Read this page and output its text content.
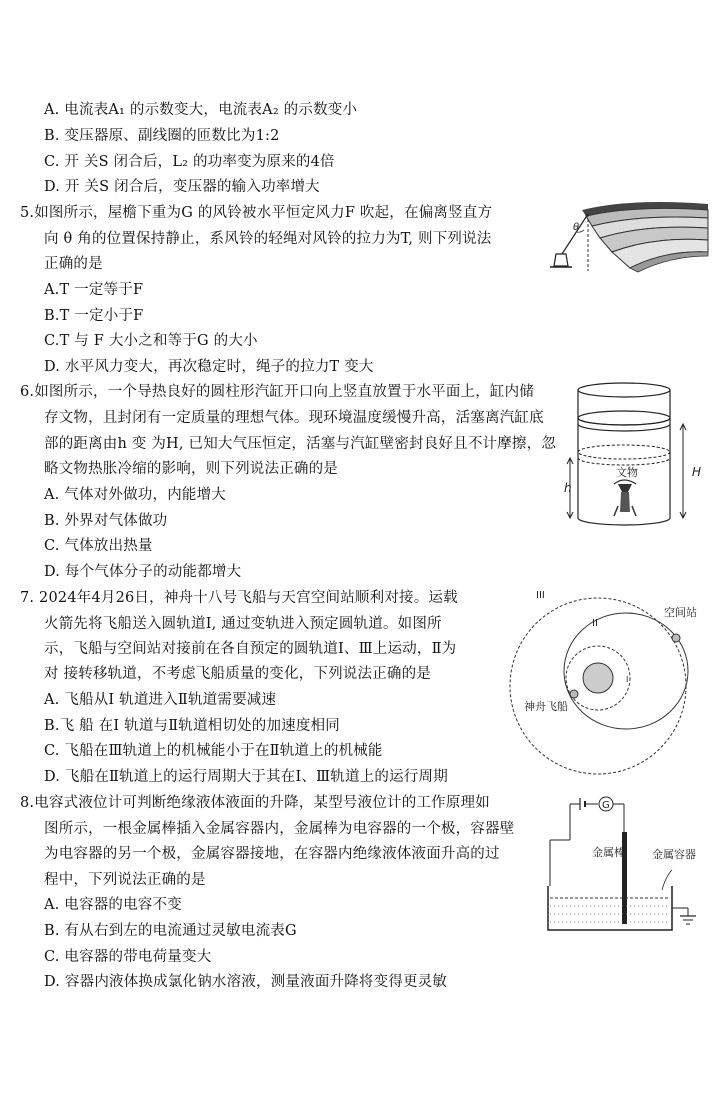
A. 电流表A₁ 的示数变大，电流表A₂ 的示数变小
B. 变压器原、副线圈的匝数比为1:2
C. 开 关S 闭合后，L₂ 的功率变为原来的4倍
D. 开 关S 闭合后，变压器的输入功率增大
5.如图所示，屋檐下重为G 的风铃被水平恒定风力F 吹起，在偏离竖直方
向 θ 角的位置保持静止，系风铃的轻绳对风铃的拉力为T, 则下列说法
正确的是
A.T 一定等于F
B.T 一定小于F
C.T 与 F 大小之和等于G 的大小
D. 水平风力变大，再次稳定时，绳子的拉力T 变大
θ
6.如图所示，一个导热良好的圆柱形汽缸开口向上竖直放置于水平面上，缸内储
存文物，且封闭有一定质量的理想气体。现环境温度缓慢升高，活塞离汽缸底
部的距离由h 变 为H, 已知大气压恒定，活塞与汽缸壁密封良好且不计摩擦，忽
略文物热胀冷缩的影响，则下列说法正确的是
A. 气体对外做功，内能增大
B. 外界对气体做功
C. 气体放出热量
D. 每个气体分子的动能都增大
文物	H
h
7. 2024年4月26日，神舟十八号飞船与天宫空间站顺利对接。运载
火箭先将飞船送入圆轨道I, 通过变轨进入预定圆轨道。如图所
示，飞船与空间站对接前在各自预定的圆轨道I、Ⅲ上运动，Ⅱ为
对 接转移轨道，不考虑飞船质量的变化，下列说法正确的是
A. 飞船从I 轨道进入Ⅱ轨道需要减速
B.飞 船 在I 轨道与Ⅱ轨道相切处的加速度相同
C. 飞船在Ⅲ轨道上的机械能小于在Ⅱ轨道上的机械能
D. 飞船在Ⅱ轨道上的运行周期大于其在I、Ⅲ轨道上的运行周期
III
II
I
空间站
神舟飞船
8.电容式液位计可判断绝缘液体液面的升降，某型号液位计的工作原理如
图所示，一根金属棒插入金属容器内，金属棒为电容器的一个极，容器壁
为电容器的另一个极，金属容器接地，在容器内绝缘液体液面升高的过
程中，下列说法正确的是
A. 电容器的电容不变
B. 有从右到左的电流通过灵敏电流表G
C. 电容器的带电荷量变大
D. 容器内液体换成氯化钠水溶液，测量液面升降将变得更灵敏
G
金属棒 金属容器
